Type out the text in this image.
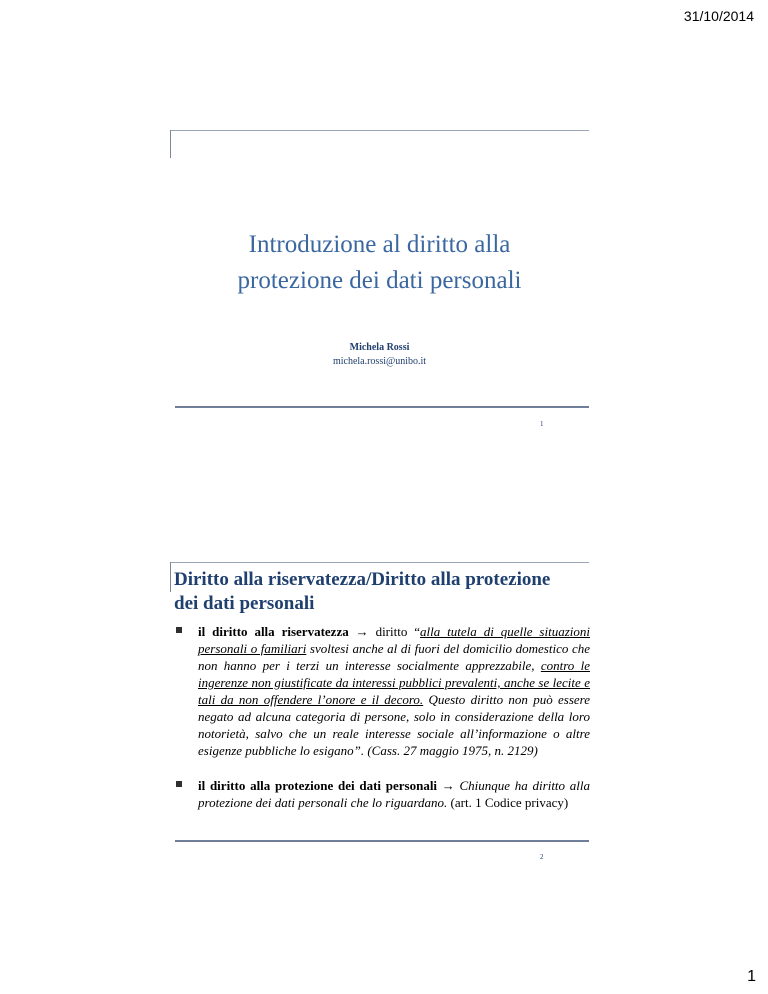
31/10/2014
Introduzione al diritto alla
protezione dei dati personali
Michela Rossi
michela.rossi@unibo.it
1
Diritto alla riservatezza/Diritto alla protezione
dei dati personali
il diritto alla riservatezza → diritto “alla tutela di quelle situazioni personali o familiari svoltesi anche al di fuori del domicilio domestico che non hanno per i terzi un interesse socialmente apprezzabile, contro le ingerenze non giustificate da interessi pubblici prevalenti, anche se lecite e tali da non offendere l’onore e il decoro. Questo diritto non può essere negato ad alcuna categoria di persone, solo in considerazione della loro notorietà, salvo che un reale interesse sociale all’informazione o altre esigenze pubbliche lo esigano”. (Cass. 27 maggio 1975, n. 2129)
il diritto alla protezione dei dati personali → Chiunque ha diritto alla protezione dei dati personali che lo riguardano. (art. 1 Codice privacy)
2
1
